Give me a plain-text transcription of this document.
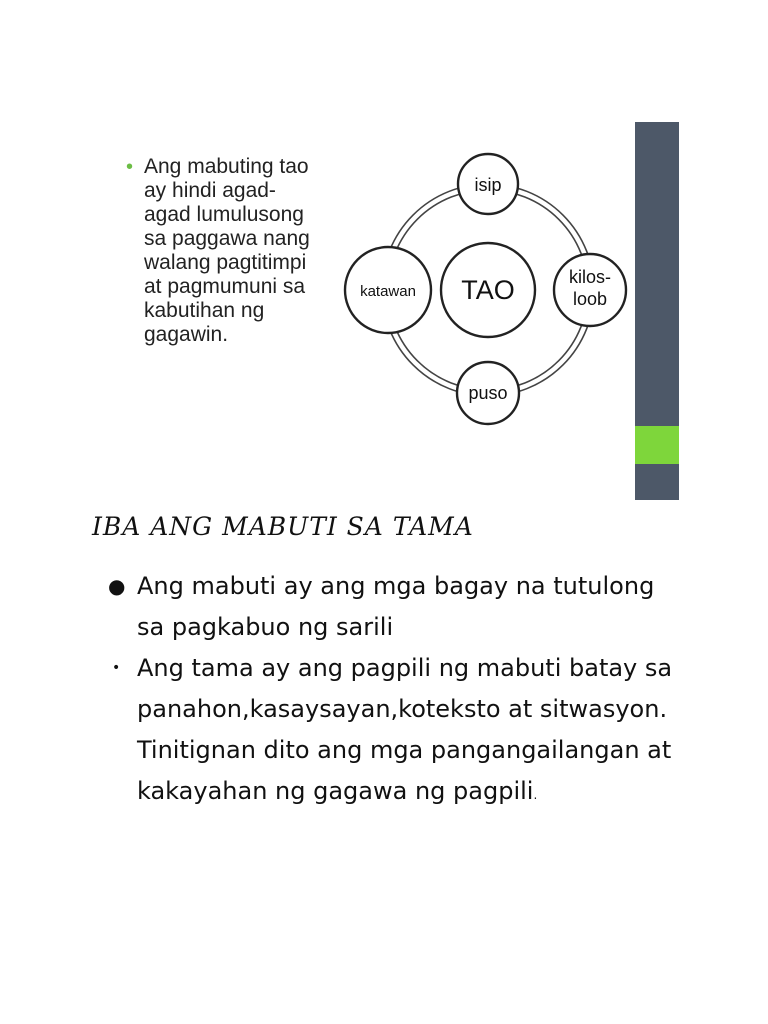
• Ang mabuting tao
ay hindi agad-
agad lumulusong
sa paggawa nang
walang pagtitimpi
at pagmumuni sa
kabutihan ng
gagawin.
TAO
isip
kilos-
loob
puso
katawan
IBA ANG MABUTI SA TAMA
● Ang mabuti ay ang mga bagay na tutulong
sa pagkabuo ng sarili
• Ang tama ay ang pagpili ng mabuti batay sa
panahon,kasaysayan,koteksto at sitwasyon.
Tinitignan dito ang mga pangangailangan at
kakayahan ng gagawa ng pagpili.
